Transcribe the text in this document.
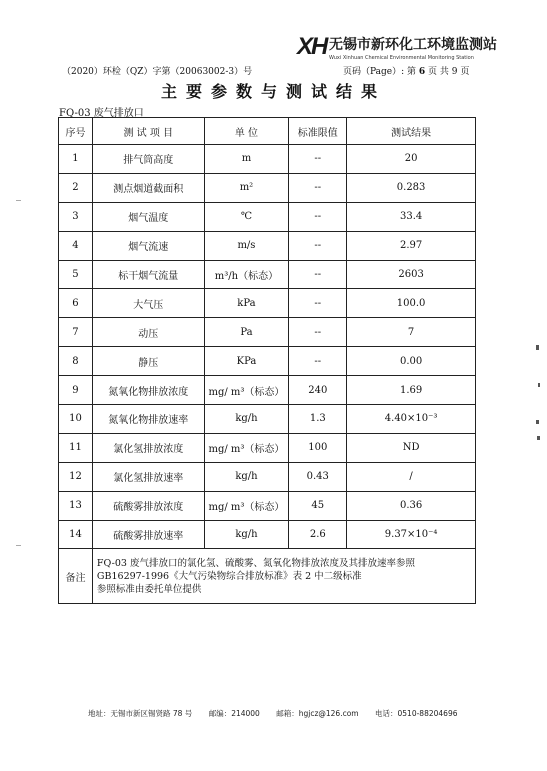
XH 无锡市新环化工环境监测站
Wuxi Xinhuan Chemical Environmental Monitoring Station
（2020）环检（QZ）字第（20063002-3）号	页码（Page）: 第 6 页 共 9 页
主要参数与测试结果
FQ-03 废气排放口
序号	测 试 项 目	单 位	标准限值	测试结果
1	排气筒高度	m	--	20
2	测点烟道截面积	m²	--	0.283
3	烟气温度	℃	--	33.4
4	烟气流速	m/s	--	2.97
5	标干烟气流量	m³/h（标态）	--	2603
6	大气压	kPa	--	100.0
7	动压	Pa	--	7
8	静压	KPa	--	0.00
9	氮氧化物排放浓度	mg/ m³（标态）	240	1.69
10	氮氧化物排放速率	kg/h	1.3	4.40×10⁻³
11	氯化氢排放浓度	mg/ m³（标态）	100	ND
12	氯化氢排放速率	kg/h	0.43	/
13	硫酸雾排放浓度	mg/ m³（标态）	45	0.36
14	硫酸雾排放速率	kg/h	2.6	9.37×10⁻⁴
备注	FQ-03 废气排放口的氯化氢、硫酸雾、氮氧化物排放浓度及其排放速率参照
GB16297-1996《大气污染物综合排放标准》表 2 中二级标准
参照标准由委托单位提供			
地址：无锡市新区锡贤路 78 号 邮编：214000 邮箱：hgjcz@126.com 电话：0510-88204696
